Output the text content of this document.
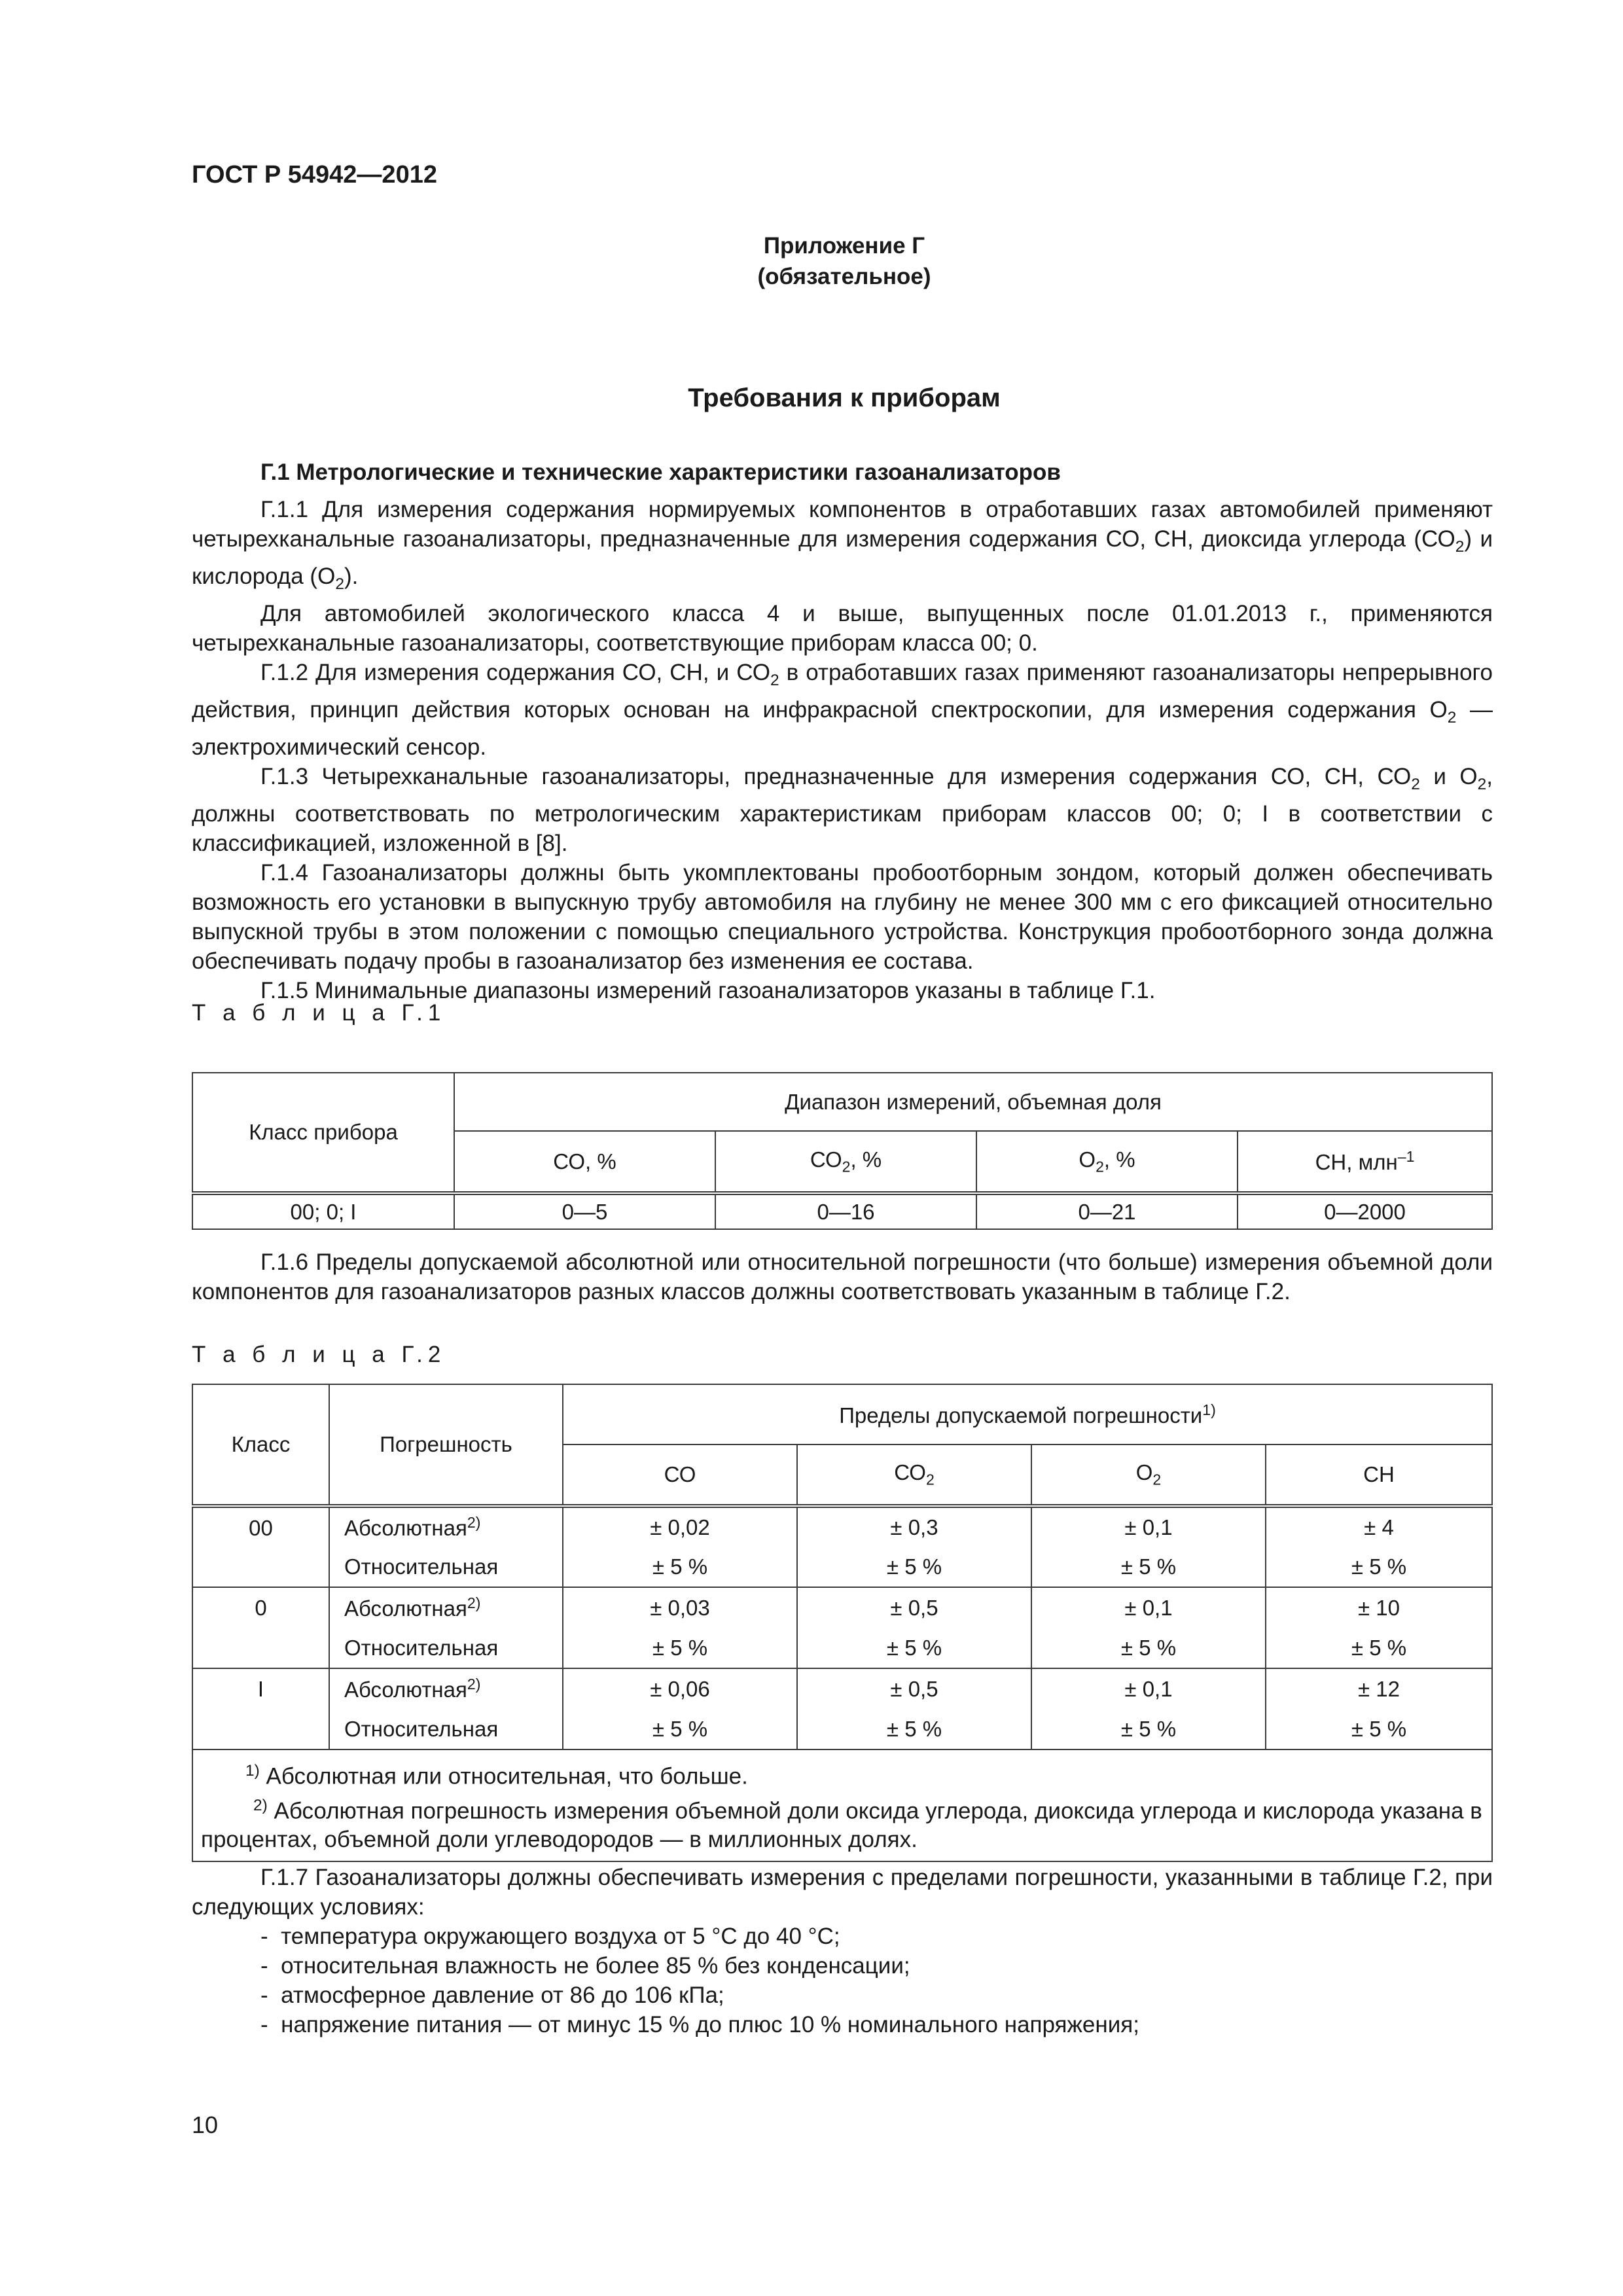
ГОСТ Р 54942—2012
Приложение Г
(обязательное)
Требования к приборам
Г.1 Метрологические и технические характеристики газоанализаторов

Г.1.1 Для измерения содержания нормируемых компонентов в отработавших газах автомобилей применяют четырехканальные газоанализаторы, предназначенные для измерения содержания СО, СН, диоксида углерода $(СО_2)$ и кислорода $(О_2)$.

Для автомобилей экологического класса 4 и выше, выпущенных после 01.01.2013 г., применяются четырехканальные газоанализаторы, соответствующие приборам класса 00; 0.

Г.1.2 Для измерения содержания СО, СН, и $СО_2$ в отработавших газах применяют газоанализаторы непрерывного действия, принцип действия которых основан на инфракрасной спектроскопии, для измерения содержания $О_2$ — электрохимический сенсор.

Г.1.3 Четырехканальные газоанализаторы, предназначенные для измерения содержания СО, СН, $СО_2$ и $О_2$, должны соответствовать по метрологическим характеристикам приборам классов 00; 0; I в соответствии с классификацией, изложенной в [8].

Г.1.4 Газоанализаторы должны быть укомплектованы пробоотборным зондом, который должен обеспечивать возможность его установки в выпускную трубу автомобиля на глубину не менее 300 мм с его фиксацией относительно выпускной трубы в этом положении с помощью специального устройства. Конструкция пробоотборного зонда должна обеспечивать подачу пробы в газоанализатор без изменения ее состава.

Г.1.5 Минимальные диапазоны измерений газоанализаторов указаны в таблице Г.1.

Т а б л и ц а Г.1
Класс прибора	Диапазон измерений, объемная доля			
	СО, %	$СО_2$, %	$О_2$, %	СН, млн$^{-1}$
00; 0; I	0—5	0—16	0—21	0—2000

Г.1.6 Пределы допускаемой абсолютной или относительной погрешности (что больше) измерения объемной доли компонентов для газоанализаторов разных классов должны соответствовать указанным в таблице Г.2.

Т а б л и ц а Г.2
Класс	Погрешность	Пределы допускаемой погрешности$^{1)}$
		СО	$СО_2$	$О_2$	СН
00	Абсолютная$^{2)}$	± 0,02	± 0,3	± 0,1	± 4
	Относительная	± 5 %	± 5 %	± 5 %	± 5 %
0	Абсолютная$^{2)}$	± 0,03	± 0,5	± 0,1	± 10
	Относительная	± 5 %	± 5 %	± 5 %	± 5 %
I	Абсолютная$^{2)}$	± 0,06	± 0,5	± 0,1	± 12
	Относительная	± 5 %	± 5 %	± 5 %	± 5 %

$^{1)}$ Абсолютная или относительная, что больше.
$^{2)}$ Абсолютная погрешность измерения объемной доли оксида углерода, диоксида углерода и кислорода указана в процентах, объемной доли углеводородов — в миллионных долях.					

Г.1.7 Газоанализаторы должны обеспечивать измерения с пределами погрешности, указанными в таблице Г.2, при следующих условиях:

-  температура окружающего воздуха от 5 °С до 40 °С;
-  относительная влажность не более 85 % без конденсации;
-  атмосферное давление от 86 до 106 кПа;
-  напряжение питания — от минус 15 % до плюс 10 % номинального напряжения;
10
